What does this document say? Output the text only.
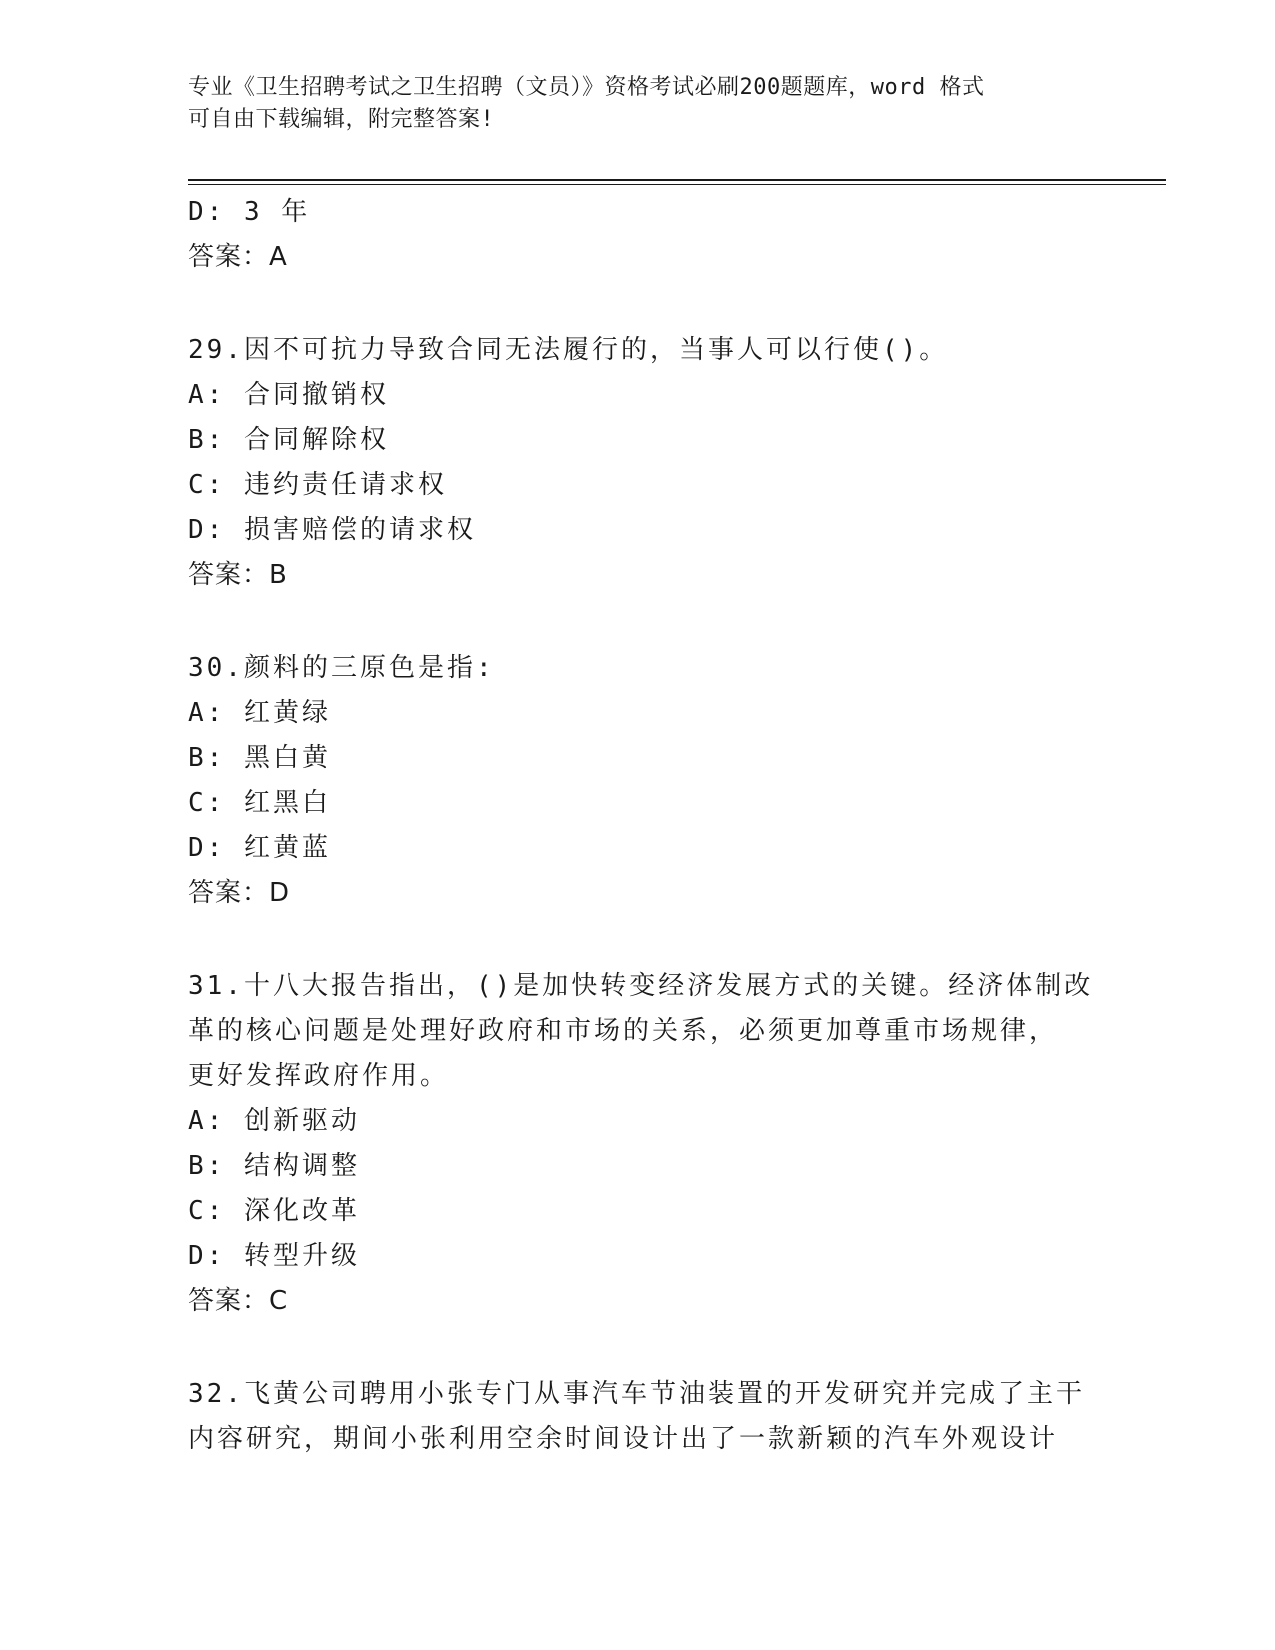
专业《卫生招聘考试之卫生招聘（文员）》资格考试必刷200题题库，word 格式
可自由下载编辑，附完整答案!
D: 3 年
答案：A
29.因不可抗力导致合同无法履行的，当事人可以行使()。
A: 合同撤销权
B: 合同解除权
C: 违约责任请求权
D: 损害赔偿的请求权
答案：B
30.颜料的三原色是指:
A: 红黄绿
B: 黑白黄
C: 红黑白
D: 红黄蓝
答案：D
31.十八大报告指出，()是加快转变经济发展方式的关键。经济体制改
革的核心问题是处理好政府和市场的关系，必须更加尊重市场规律，
更好发挥政府作用。
A: 创新驱动
B: 结构调整
C: 深化改革
D: 转型升级
答案：C
32.飞黄公司聘用小张专门从事汽车节油装置的开发研究并完成了主干
内容研究，期间小张利用空余时间设计出了一款新颖的汽车外观设计
